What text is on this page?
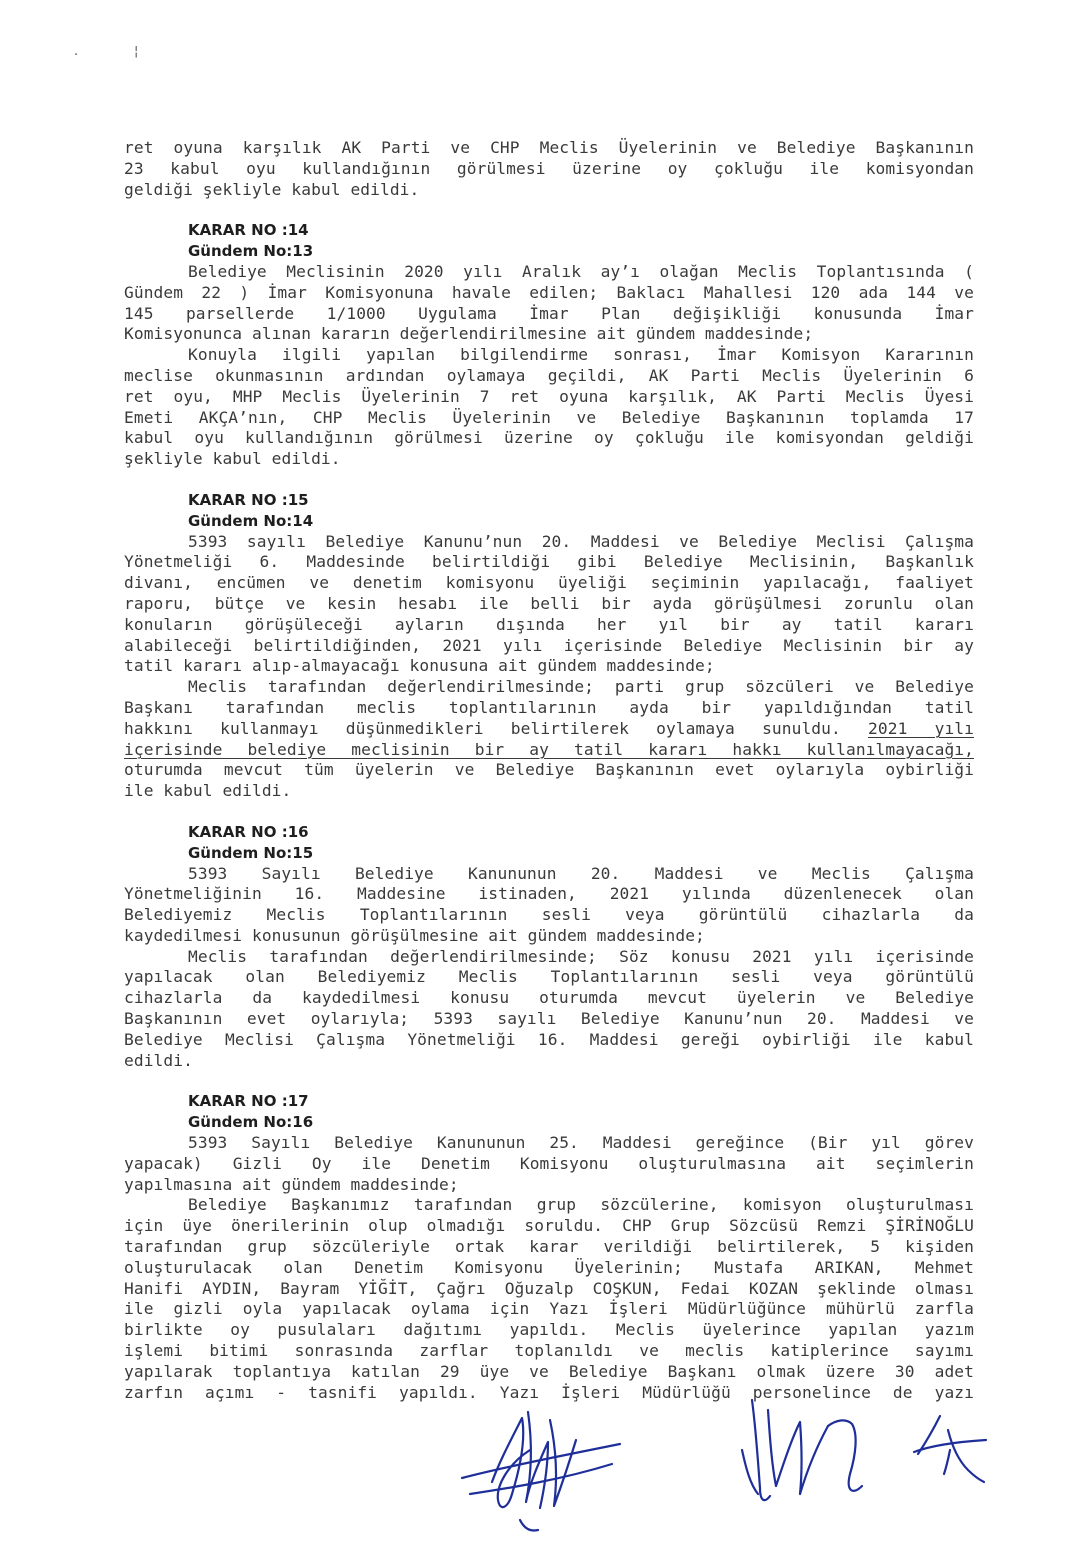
·	¦
ret oyuna karşılık AK Parti ve CHP Meclis Üyelerinin ve Belediye Başkanının
23 kabul oyu kullandığının görülmesi üzerine oy çokluğu ile komisyondan
geldiği şekliyle kabul edildi.
KARAR NO :14
Gündem No:13
Belediye Meclisinin 2020 yılı Aralık ay’ı olağan Meclis Toplantısında (
Gündem 22 ) İmar Komisyonuna havale edilen; Baklacı Mahallesi 120 ada 144 ve
145 parsellerde 1/1000 Uygulama İmar Plan değişikliği konusunda İmar
Komisyonunca alınan kararın değerlendirilmesine ait gündem maddesinde;
Konuyla ilgili yapılan bilgilendirme sonrası, İmar Komisyon Kararının
meclise okunmasının ardından oylamaya geçildi, AK Parti Meclis Üyelerinin 6
ret oyu, MHP Meclis Üyelerinin 7 ret oyuna karşılık, AK Parti Meclis Üyesi
Emeti AKÇA’nın, CHP Meclis Üyelerinin ve Belediye Başkanının toplamda 17
kabul oyu kullandığının görülmesi üzerine oy çokluğu ile komisyondan geldiği
şekliyle kabul edildi.
KARAR NO :15
Gündem No:14
5393 sayılı Belediye Kanunu’nun 20. Maddesi ve Belediye Meclisi Çalışma
Yönetmeliği 6. Maddesinde belirtildiği gibi Belediye Meclisinin, Başkanlık
divanı, encümen ve denetim komisyonu üyeliği seçiminin yapılacağı, faaliyet
raporu, bütçe ve kesin hesabı ile belli bir ayda görüşülmesi zorunlu olan
konuların görüşüleceği ayların dışında her yıl bir ay tatil kararı
alabileceği belirtildiğinden, 2021 yılı içerisinde Belediye Meclisinin bir ay
tatil kararı alıp-almayacağı konusuna ait gündem maddesinde;
Meclis tarafından değerlendirilmesinde; parti grup sözcüleri ve Belediye
Başkanı tarafından meclis toplantılarının ayda bir yapıldığından tatil
hakkını kullanmayı düşünmedikleri belirtilerek oylamaya sunuldu. 2021 yılı
içerisinde belediye meclisinin bir ay tatil kararı hakkı kullanılmayacağı,
oturumda mevcut tüm üyelerin ve Belediye Başkanının evet oylarıyla oybirliği
ile kabul edildi.
KARAR NO :16
Gündem No:15
5393 Sayılı Belediye Kanununun 20. Maddesi ve Meclis Çalışma
Yönetmeliğinin 16. Maddesine istinaden, 2021 yılında düzenlenecek olan
Belediyemiz Meclis Toplantılarının sesli veya görüntülü cihazlarla da
kaydedilmesi konusunun görüşülmesine ait gündem maddesinde;
Meclis tarafından değerlendirilmesinde; Söz konusu 2021 yılı içerisinde
yapılacak olan Belediyemiz Meclis Toplantılarının sesli veya görüntülü
cihazlarla da kaydedilmesi konusu oturumda mevcut üyelerin ve Belediye
Başkanının evet oylarıyla; 5393 sayılı Belediye Kanunu’nun 20. Maddesi ve
Belediye Meclisi Çalışma Yönetmeliği 16. Maddesi gereği oybirliği ile kabul
edildi.
KARAR NO :17
Gündem No:16
5393 Sayılı Belediye Kanununun 25. Maddesi gereğince (Bir yıl görev
yapacak) Gizli Oy ile Denetim Komisyonu oluşturulmasına ait seçimlerin
yapılmasına ait gündem maddesinde;
Belediye Başkanımız tarafından grup sözcülerine, komisyon oluşturulması
için üye önerilerinin olup olmadığı soruldu. CHP Grup Sözcüsü Remzi ŞİRİNOĞLU
tarafından grup sözcüleriyle ortak karar verildiği belirtilerek, 5 kişiden
oluşturulacak olan Denetim Komisyonu Üyelerinin; Mustafa ARIKAN, Mehmet
Hanifi AYDIN, Bayram YİĞİT, Çağrı Oğuzalp COŞKUN, Fedai KOZAN şeklinde olması
ile gizli oyla yapılacak oylama için Yazı İşleri Müdürlüğünce mühürlü zarfla
birlikte oy pusulaları dağıtımı yapıldı. Meclis üyelerince yapılan yazım
işlemi bitimi sonrasında zarflar toplanıldı ve meclis katiplerince sayımı
yapılarak toplantıya katılan 29 üye ve Belediye Başkanı olmak üzere 30 adet
zarfın açımı - tasnifi yapıldı. Yazı İşleri Müdürlüğü personelince de yazı
